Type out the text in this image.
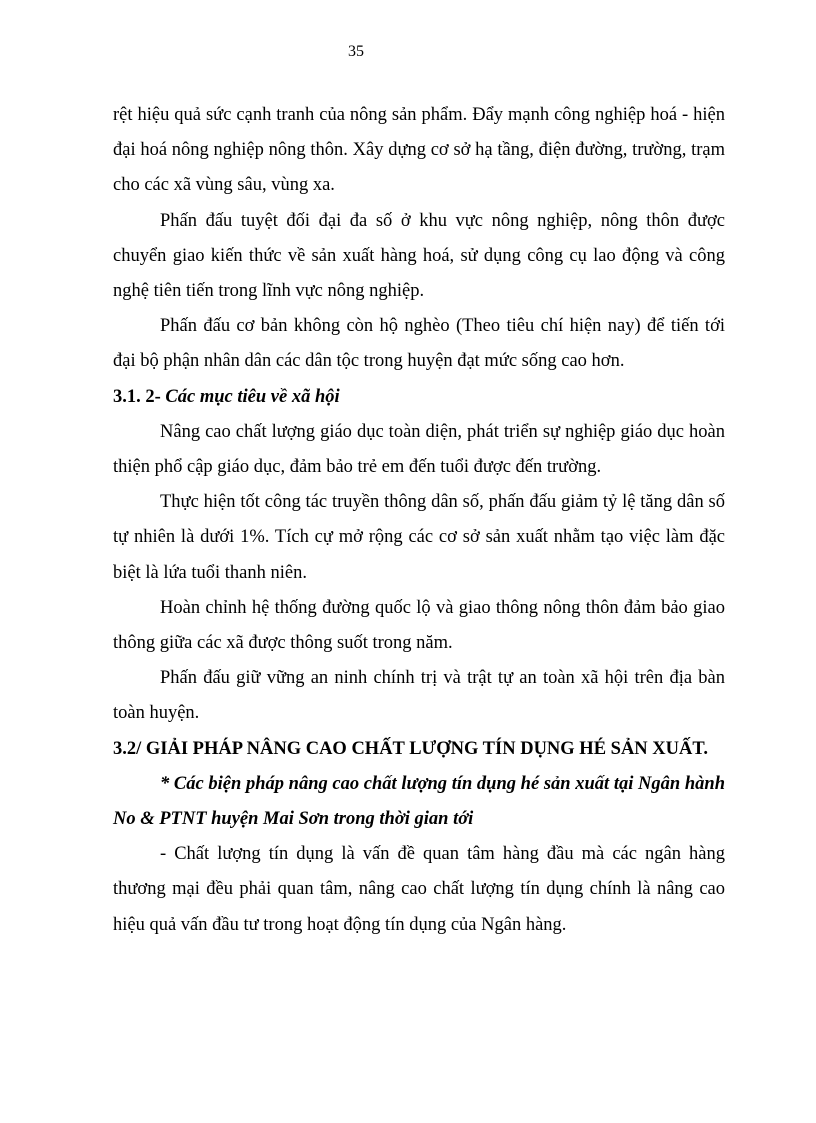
35

rệt hiệu quả sức cạnh tranh của nông sản phẩm. Đẩy mạnh công nghiệp hoá - hiện đại hoá nông nghiệp nông thôn. Xây dựng cơ sở hạ tầng, điện đường, trường, trạm cho các xã vùng sâu, vùng xa.

Phấn đấu tuyệt đối đại đa số ở khu vực nông nghiệp, nông thôn được chuyển giao kiến thức về sản xuất hàng hoá, sử dụng công cụ lao động và công nghệ tiên tiến trong lĩnh vực nông nghiệp.

Phấn đấu cơ bản không còn hộ nghèo (Theo tiêu chí hiện nay) để tiến tới đại bộ phận nhân dân các dân tộc trong huyện đạt mức sống cao hơn.

3.1. 2- Các mục tiêu về xã hội

Nâng cao chất lượng giáo dục toàn diện, phát triển sự nghiệp giáo dục hoàn thiện phổ cập giáo dục, đảm bảo trẻ em đến tuổi được đến trường.

Thực hiện tốt công tác truyền thông dân số, phấn đấu giảm tỷ lệ tăng dân số tự nhiên là dưới 1%. Tích cự mở rộng các cơ sở sản xuất nhằm tạo việc làm đặc biệt là lứa tuổi thanh niên.

Hoàn chỉnh hệ thống đường quốc lộ và giao thông nông thôn đảm bảo giao thông giữa các xã được thông suốt trong năm.

Phấn đấu giữ vững an ninh chính trị và trật tự an toàn xã hội trên địa bàn toàn huyện.

3.2/ GIẢI PHÁP NÂNG CAO CHẤT LƯỢNG TÍN DỤNG HÉ SẢN XUẤT.

* Các biện pháp nâng cao chất lượng tín dụng hé sản xuất tại Ngân hành No & PTNT huyện Mai Sơn trong thời gian tới

- Chất lượng tín dụng là vấn đề quan tâm hàng đầu mà các ngân hàng thương mại đều phải quan tâm, nâng cao chất lượng tín dụng chính là nâng cao hiệu quả vấn đầu tư trong hoạt động tín dụng của Ngân hàng.
